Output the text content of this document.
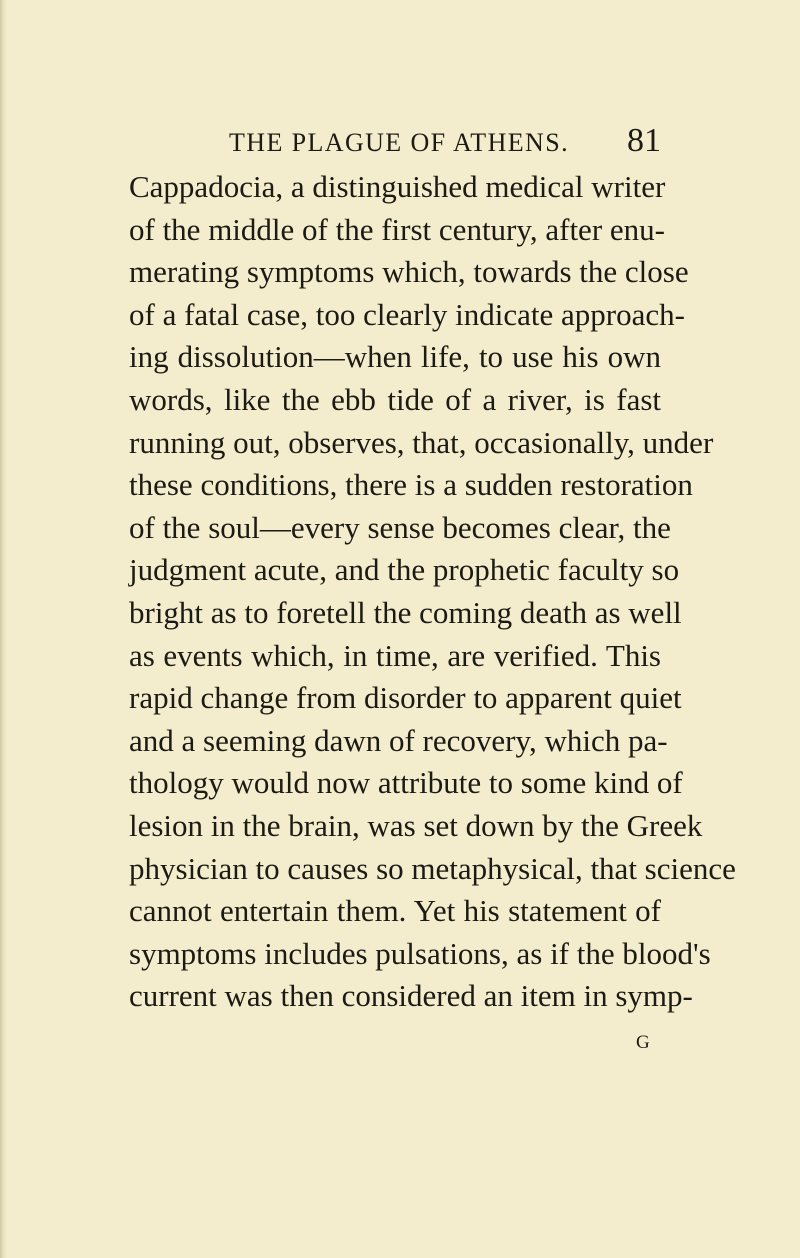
THE PLAGUE OF ATHENS. 81
Cappadocia, a distinguished medical writer
of the middle of the first century, after enu-
merating symptoms which, towards the close
of a fatal case, too clearly indicate approach-
ing dissolution—when life, to use his own
words, like the ebb tide of a river, is fast
running out, observes, that, occasionally, under
these conditions, there is a sudden restoration
of the soul—every sense becomes clear, the
judgment acute, and the prophetic faculty so
bright as to foretell the coming death as well
as events which, in time, are verified. This
rapid change from disorder to apparent quiet
and a seeming dawn of recovery, which pa-
thology would now attribute to some kind of
lesion in the brain, was set down by the Greek
physician to causes so metaphysical, that science
cannot entertain them. Yet his statement of
symptoms includes pulsations, as if the blood's
current was then considered an item in symp-
G
